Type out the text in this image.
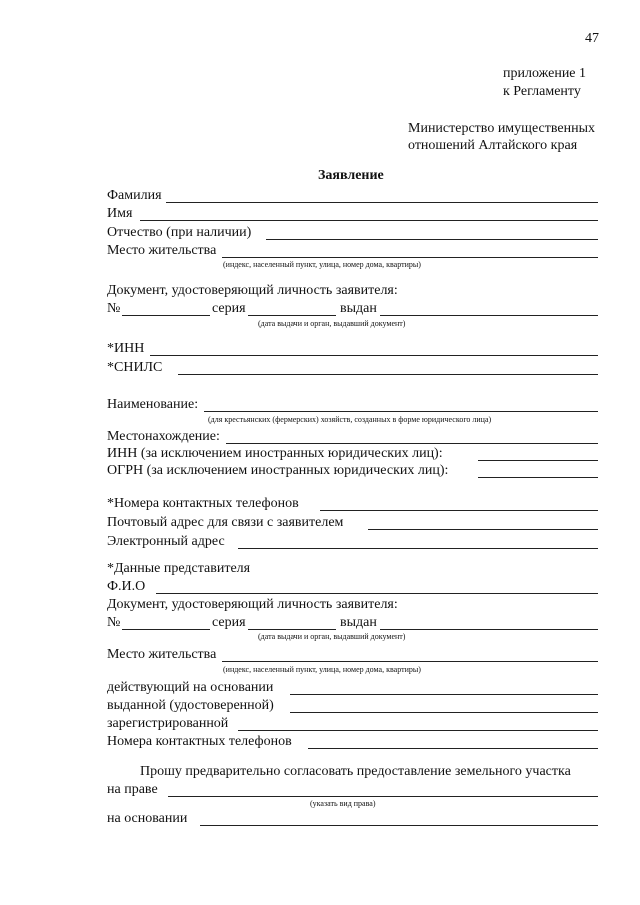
47
приложение 1
к Регламенту
Министерство имущественных
отношений Алтайского края
Заявление
Фамилия
Имя
Отчество (при наличии)
Место жительства
(индекс, населенный пункт, улица, номер дома, квартиры)
Документ, удостоверяющий личность заявителя:
№	серия	выдан
(дата выдачи и орган, выдавший документ)
*ИНН
*СНИЛС
Наименование:
(для крестьянских (фермерских) хозяйств, созданных в форме юридического лица)
Местонахождение:
ИНН (за исключением иностранных юридических лиц):
ОГРН (за исключением иностранных юридических лиц):
*Номера контактных телефонов
Почтовый адрес для связи с заявителем
Электронный адрес
*Данные представителя
Ф.И.О
Документ, удостоверяющий личность заявителя:
№	серия	выдан
(дата выдачи и орган, выдавший документ)
Место жительства
(индекс, населенный пункт, улица, номер дома, квартиры)
действующий на основании
выданной (удостоверенной)
зарегистрированной
Номера контактных телефонов
Прошу предварительно согласовать предоставление земельного участка
на праве
(указать вид права)
на основании
